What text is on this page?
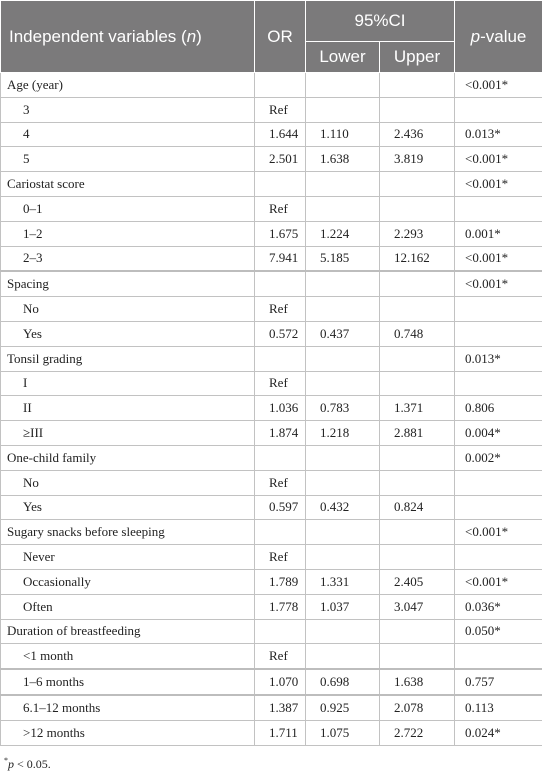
Independent variables (n)	OR	95%CI		p-value
		Lower	Upper	
Age (year)				<0.001*
3	Ref			
4	1.644	1.110	2.436	0.013*
5	2.501	1.638	3.819	<0.001*
Cariostat score				<0.001*
0–1	Ref			
1–2	1.675	1.224	2.293	0.001*
2–3	7.941	5.185	12.162	<0.001*
Spacing				<0.001*
No	Ref			
Yes	0.572	0.437	0.748	
Tonsil grading				0.013*
I	Ref			
II	1.036	0.783	1.371	0.806
≥III	1.874	1.218	2.881	0.004*
One-child family				0.002*
No	Ref			
Yes	0.597	0.432	0.824	
Sugary snacks before sleeping				<0.001*
Never	Ref			
Occasionally	1.789	1.331	2.405	<0.001*
Often	1.778	1.037	3.047	0.036*
Duration of breastfeeding				0.050*
<1 month	Ref			
1–6 months	1.070	0.698	1.638	0.757
6.1–12 months	1.387	0.925	2.078	0.113
>12 months	1.711	1.075	2.722	0.024*
*p < 0.05.
